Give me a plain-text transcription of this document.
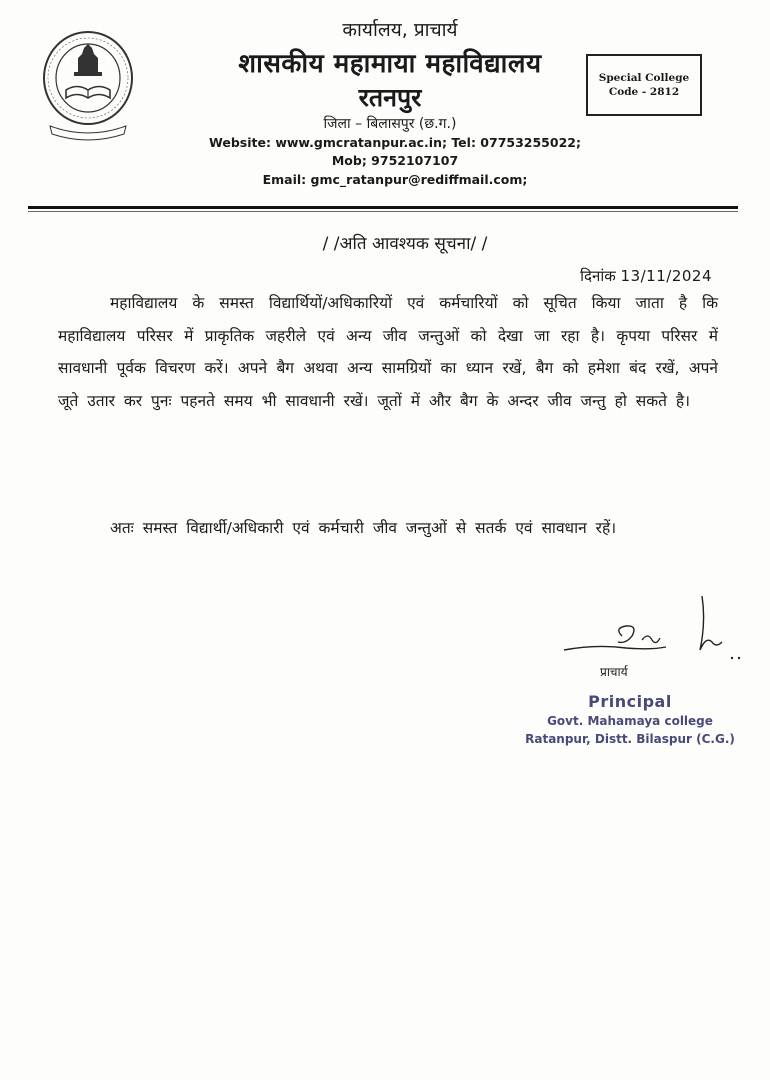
कार्यालय, प्राचार्य
शासकीय महामाया महाविद्यालय
रतनपुर
जिला – बिलासपुर (छ.ग.)
Website: www.gmcratanpur.ac.in; Tel: 07753255022;
Mob; 9752107107
Email: gmc_ratanpur@rediffmail.com;
Special College
Code - 2812
/ /अति आवश्यक सूचना/ /
दिनांक 13/11/2024
महाविद्यालय के समस्त विद्यार्थियों/अधिकारियों एवं कर्मचारियों को सूचित किया जाता है कि महाविद्यालय परिसर में प्राकृतिक जहरीले एवं अन्य जीव जन्तुओं को देखा जा रहा है। कृपया परिसर में सावधानी पूर्वक विचरण करें। अपने बैग अथवा अन्य सामग्रियों का ध्यान रखें, बैग को हमेशा बंद रखें, अपने जूते उतार कर पुनः पहनते समय भी सावधानी रखें। जूतों में और बैग के अन्दर जीव जन्तु हो सकते है।
अतः समस्त विद्यार्थी/अधिकारी एवं कर्मचारी जीव जन्तुओं से सतर्क एवं सावधान रहें।
प्राचार्य
Principal
Govt. Mahamaya college
Ratanpur, Distt. Bilaspur (C.G.)
